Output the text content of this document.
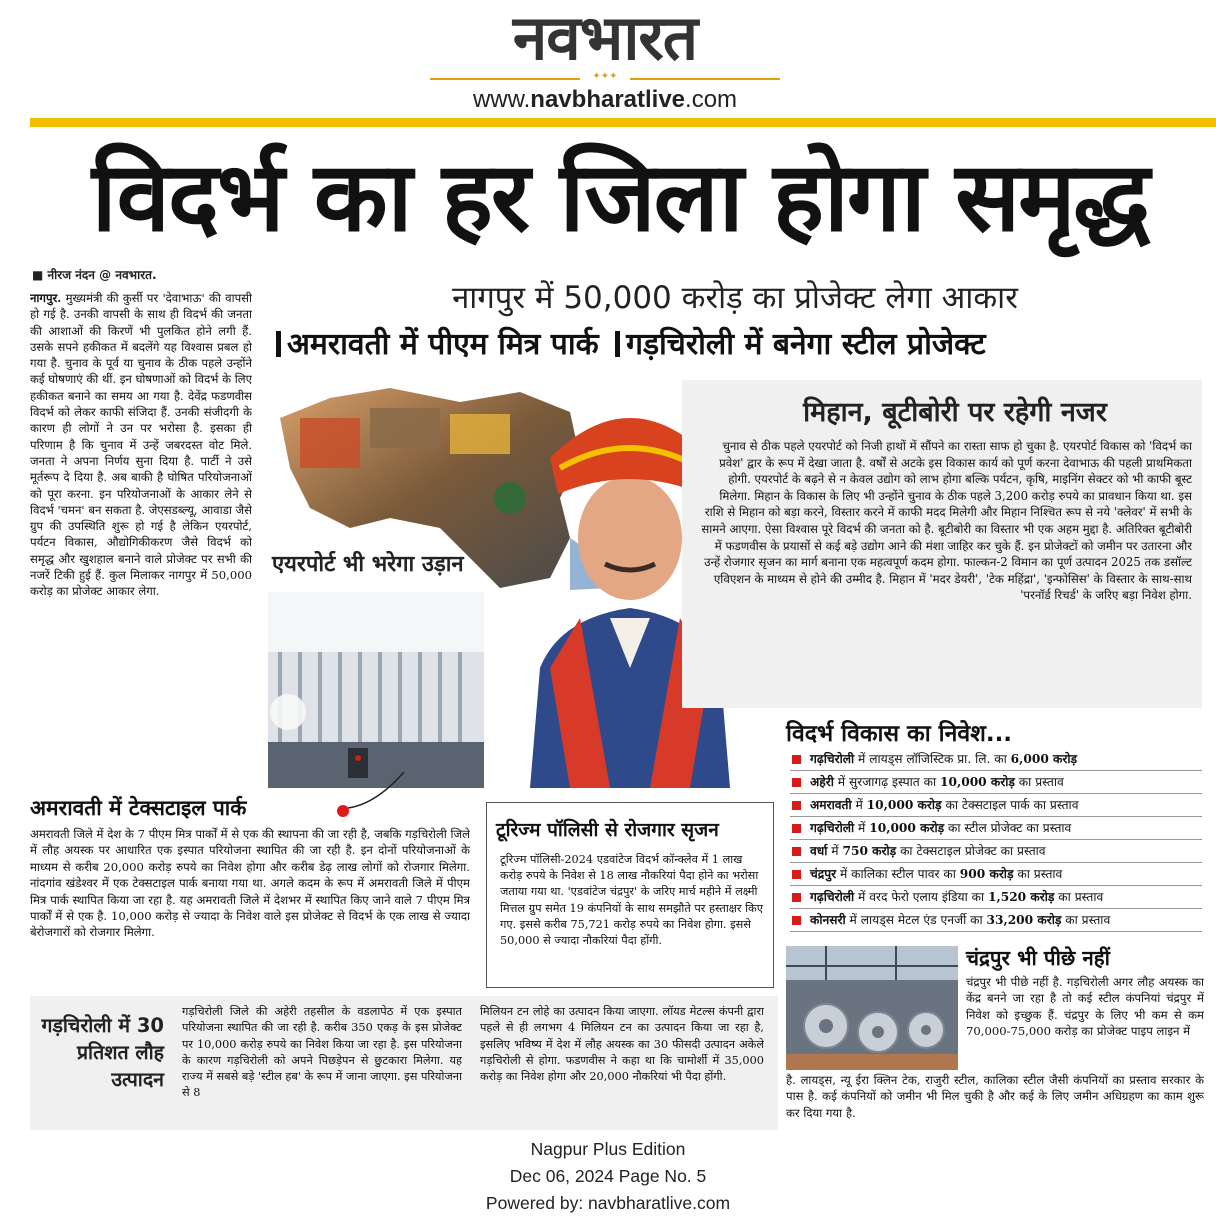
नवभारत
✦✦✦
www.navbharatlive.com
विदर्भ का हर जिला होगा समृद्ध
■ नीरज नंदन @ नवभारत.
नागपुर. मुख्यमंत्री की कुर्सी पर 'देवाभाऊ' की वापसी हो गई है. उनकी वापसी के साथ ही विदर्भ की जनता की आशाओं की किरणें भी पुलकित होने लगी हैं. उसके सपने हकीकत में बदलेंगे यह विश्वास प्रबल हो गया है. चुनाव के पूर्व या चुनाव के ठीक पहले उन्होंने कई घोषणाएं की थीं. इन घोषणाओं को विदर्भ के लिए हकीकत बनाने का समय आ गया है. देवेंद्र फडणवीस विदर्भ को लेकर काफी संजिदा हैं. उनकी संजीदगी के कारण ही लोगों ने उन पर भरोसा है. इसका ही परिणाम है कि चुनाव में उन्हें जबरदस्त वोट मिले. जनता ने अपना निर्णय सुना दिया है. पार्टी ने उसे मूर्तरूप दे दिया है. अब बाकी है घोषित परियोजनाओं को पूरा करना. इन परियोजनाओं के आकार लेने से विदर्भ 'चमन' बन सकता है. जेएसडब्ल्यू, आवाडा जैसे ग्रुप की उपस्थिति शुरू हो गई है लेकिन एयरपोर्ट, पर्यटन विकास, औद्योगिकीकरण जैसे विदर्भ को समृद्ध और खुशहाल बनाने वाले प्रोजेक्ट पर सभी की नजरें टिकी हुई हैं. कुल मिलाकर नागपुर में 50,000 करोड़ का प्रोजेक्ट आकार लेगा.
नागपुर में 50,000 करोड़ का प्रोजेक्ट लेगा आकार
अमरावती में पीएम मित्र पार्क गड़चिरोली में बनेगा स्टील प्रोजेक्ट
एयरपोर्ट भी भरेगा उड़ान
मिहान, बूटीबोरी पर रहेगी नजर
चुनाव से ठीक पहले एयरपोर्ट को निजी हाथों में सौंपने का रास्ता साफ हो चुका है. एयरपोर्ट विकास को 'विदर्भ का प्रवेश' द्वार के रूप में देखा जाता है. वर्षों से अटके इस विकास कार्य को पूर्ण करना देवाभाऊ की पहली प्राथमिकता होगी. एयरपोर्ट के बढ़ने से न केवल उद्योग को लाभ होगा बल्कि पर्यटन, कृषि, माइनिंग सेक्टर को भी काफी बूस्ट मिलेगा. मिहान के विकास के लिए भी उन्होंने चुनाव के ठीक पहले 3,200 करोड़ रुपये का प्रावधान किया था. इस राशि से मिहान को बड़ा करने, विस्तार करने में काफी मदद मिलेगी और मिहान निश्चित रूप से नये 'क्लेवर' में सभी के सामने आएगा. ऐसा विश्वास पूरे विदर्भ की जनता को है. बूटीबोरी का विस्तार भी एक अहम मुद्दा है. अतिरिक्त बूटीबोरी में फडणवीस के प्रयासों से कई बड़े उद्योग आने की मंशा जाहिर कर चुके हैं. इन प्रोजेक्टों को जमीन पर उतारना और उन्हें रोजगार सृजन का मार्ग बनाना एक महत्वपूर्ण कदम होगा. फाल्कन-2 विमान का पूर्ण उत्पादन 2025 तक डसॉल्ट एविएशन के माध्यम से होने की उम्मीद है. मिहान में 'मदर डेयरी', 'टेक महिंद्रा', 'इन्फोसिस' के विस्तार के साथ-साथ 'परनॉर्ड रिचर्ड' के जरिए बड़ा निवेश होगा.
विदर्भ विकास का निवेश...
गढ़चिरोली में लायड्स लॉजिस्टिक प्रा. लि. का 6,000 करोड़
अहेरी में सुरजागढ़ इस्पात का 10,000 करोड़ का प्रस्ताव
अमरावती में 10,000 करोड़ का टेक्सटाइल पार्क का प्रस्ताव
गढ़चिरोली में 10,000 करोड़ का स्टील प्रोजेक्ट का प्रस्ताव
वर्धा में 750 करोड़ का टेक्सटाइल प्रोजेक्ट का प्रस्ताव
चंद्रपुर में कालिका स्टील पावर का 900 करोड़ का प्रस्ताव
गढ़चिरोली में वरद फेरो एलाय इंडिया का 1,520 करोड़ का प्रस्ताव
कोनसरी में लायड्स मेटल एंड एनर्जी का 33,200 करोड़ का प्रस्ताव
अमरावती में टेक्सटाइल पार्क
अमरावती जिले में देश के 7 पीएम मित्र पार्कों में से एक की स्थापना की जा रही है, जबकि गड़चिरोली जिले में लौह अयस्क पर आधारित एक इस्पात परियोजना स्थापित की जा रही है. इन दोनों परियोजनाओं के माध्यम से करीब 20,000 करोड़ रुपये का निवेश होगा और करीब डेढ़ लाख लोगों को रोजगार मिलेगा. नांदगांव खंडेश्वर में एक टेक्सटाइल पार्क बनाया गया था. अगले कदम के रूप में अमरावती जिले में पीएम मित्र पार्क स्थापित किया जा रहा है. यह अमरावती जिले में देशभर में स्थापित किए जाने वाले 7 पीएम मित्र पार्कों में से एक है. 10,000 करोड़ से ज्यादा के निवेश वाले इस प्रोजेक्ट से विदर्भ के एक लाख से ज्यादा बेरोजगारों को रोजगार मिलेगा.
टूरिज्म पॉलिसी से रोजगार सृजन
टूरिज्म पॉलिसी-2024 एडवांटेज विदर्भ कॉन्क्लेव में 1 लाख करोड़ रुपये के निवेश से 18 लाख नौकरियां पैदा होने का भरोसा जताया गया था. 'एडवांटेज चंद्रपुर' के जरिए मार्च महीने में लक्ष्मी मित्तल ग्रुप समेत 19 कंपनियों के साथ समझौते पर हस्ताक्षर किए गए. इससे करीब 75,721 करोड़ रुपये का निवेश होगा. इससे 50,000 से ज्यादा नौकरियां पैदा होंगी.
गड़चिरोली में 30 प्रतिशत लौह उत्पादन
गड़चिरोली जिले की अहेरी तहसील के वडलापेठ में एक इस्पात परियोजना स्थापित की जा रही है. करीब 350 एकड़ के इस प्रोजेक्ट पर 10,000 करोड़ रुपये का निवेश किया जा रहा है. इस परियोजना के कारण गड़चिरोली को अपने पिछड़ेपन से छुटकारा मिलेगा. यह राज्य में सबसे बड़े 'स्टील हब' के रूप में जाना जाएगा. इस परियोजना से 8
मिलियन टन लोहे का उत्पादन किया जाएगा. लॉयड मेटल्स कंपनी द्वारा पहले से ही लगभग 4 मिलियन टन का उत्पादन किया जा रहा है, इसलिए भविष्य में देश में लौह अयस्क का 30 फीसदी उत्पादन अकेले गड़चिरोली से होगा. फडणवीस ने कहा था कि चामोर्शी में 35,000 करोड़ का निवेश होगा और 20,000 नौकरियां भी पैदा होंगी.
चंद्रपुर भी पीछे नहीं
चंद्रपुर भी पीछे नहीं है. गड़चिरोली अगर लौह अयस्क का केंद्र बनने जा रहा है तो कई स्टील कंपनियां चंद्रपुर में निवेश को इच्छुक हैं. चंद्रपुर के लिए भी कम से कम 70,000-75,000 करोड़ का प्रोजेक्ट पाइप लाइन में
है. लायड्स, न्यू ईरा क्लिन टेक, राजुरी स्टील, कालिका स्टील जैसी कंपनियों का प्रस्ताव सरकार के पास है. कई कंपनियों को जमीन भी मिल चुकी है और कई के लिए जमीन अधिग्रहण का काम शुरू कर दिया गया है.
Nagpur Plus Edition
Dec 06, 2024 Page No. 5
Powered by: navbharatlive.com
